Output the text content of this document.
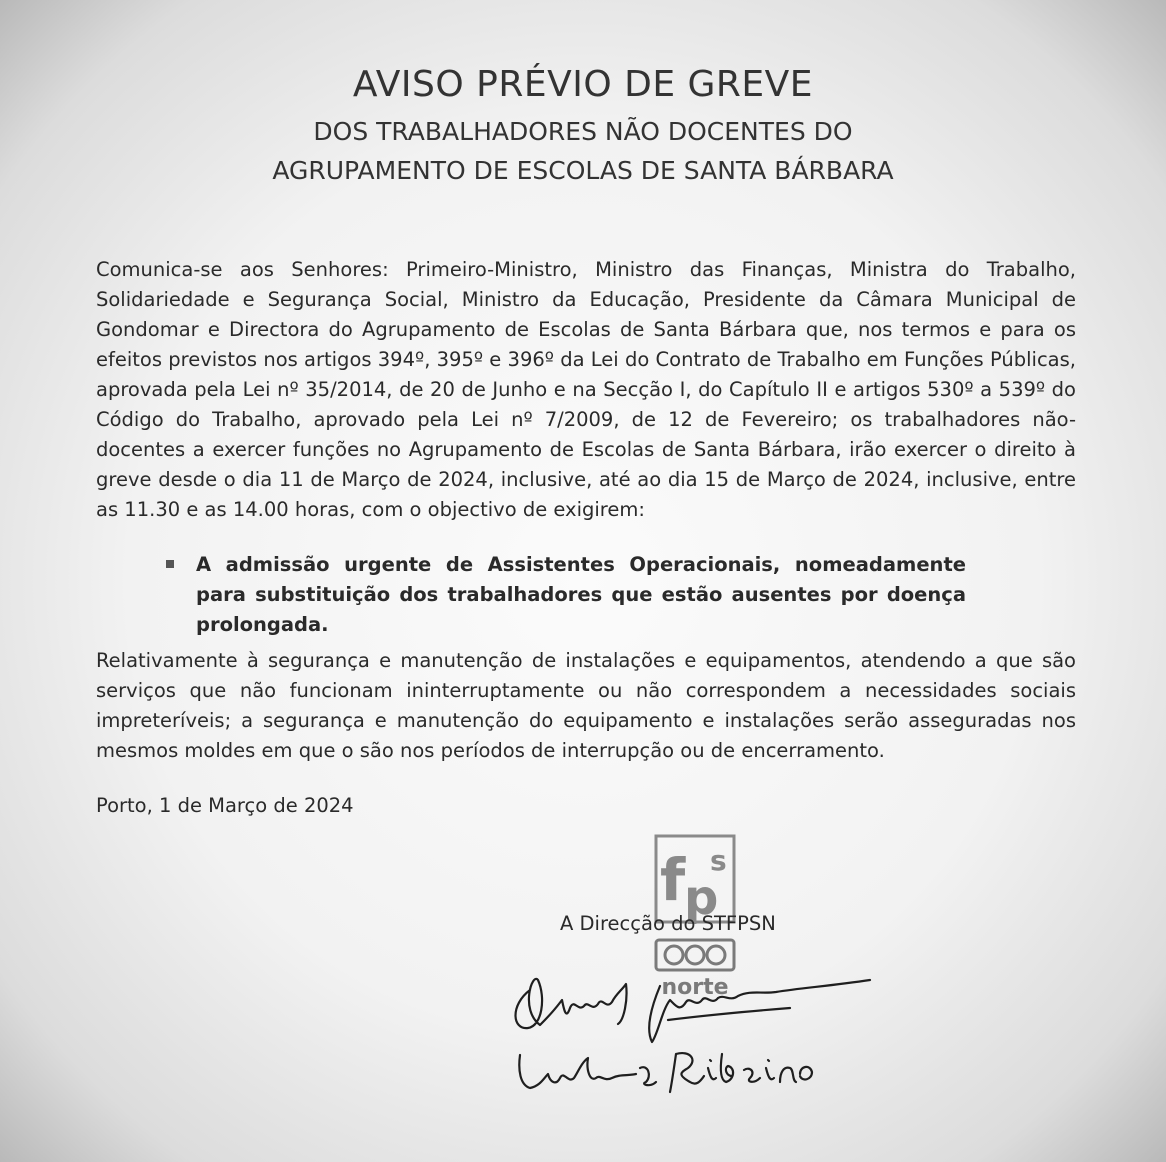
AVISO PRÉVIO DE GREVE
DOS TRABALHADORES NÃO DOCENTES DO
AGRUPAMENTO DE ESCOLAS DE SANTA BÁRBARA
Comunica-se aos Senhores: Primeiro-Ministro, Ministro das Finanças, Ministra do Trabalho, Solidariedade e Segurança Social, Ministro da Educação, Presidente da Câmara Municipal de Gondomar e Directora do Agrupamento de Escolas de Santa Bárbara que, nos termos e para os efeitos previstos nos artigos 394º, 395º e 396º da Lei do Contrato de Trabalho em Funções Públicas, aprovada pela Lei nº 35/2014, de 20 de Junho e na Secção I, do Capítulo II e artigos 530º a 539º do Código do Trabalho, aprovado pela Lei nº 7/2009, de 12 de Fevereiro; os trabalhadores não-docentes a exercer funções no Agrupamento de Escolas de Santa Bárbara, irão exercer o direito à greve desde o dia 11 de Março de 2024, inclusive, até ao dia 15 de Março de 2024, inclusive, entre as 11.30 e as 14.00 horas, com o objectivo de exigirem:
A admissão urgente de Assistentes Operacionais, nomeadamente para substituição dos trabalhadores que estão ausentes por doença prolongada.
Relativamente à segurança e manutenção de instalações e equipamentos, atendendo a que são serviços que não funcionam ininterruptamente ou não correspondem a necessidades sociais impreteríveis; a segurança e manutenção do equipamento e instalações serão asseguradas nos mesmos moldes em que o são nos períodos de interrupção ou de encerramento.
Porto, 1 de Março de 2024
f
p
s
norte
A Direcção do STFPSN
